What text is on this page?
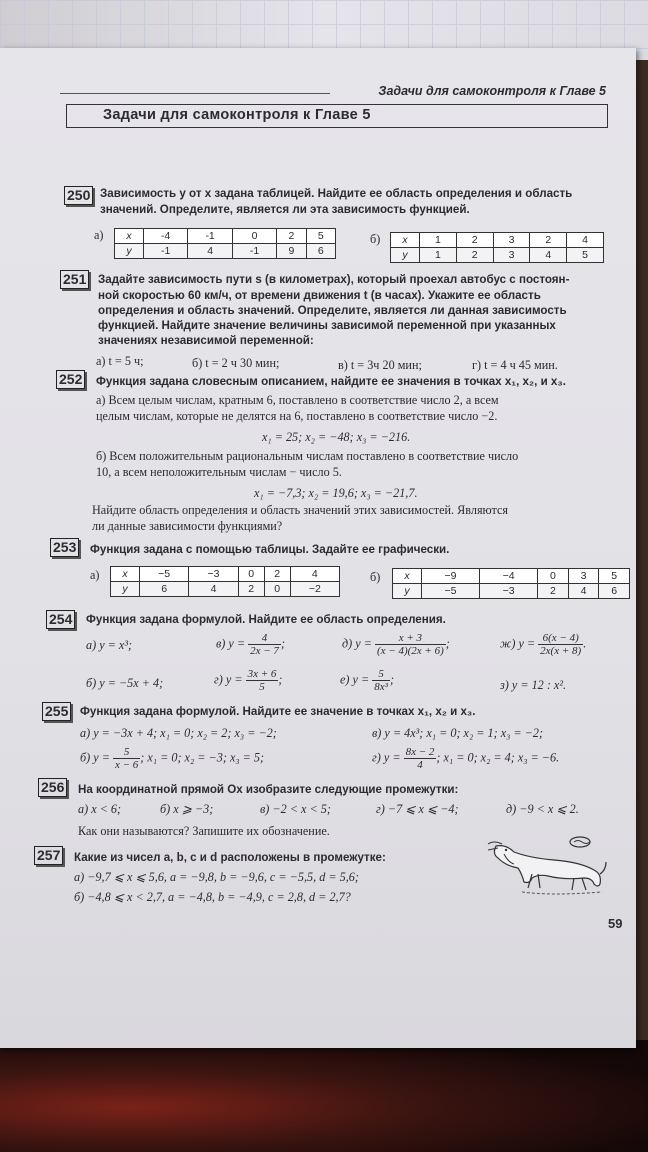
Задачи для самоконтроля к Главе 5
Задачи для самоконтроля к Главе 5
250 Зависимость y от x задана таблицей. Найдите ее область определения и область
значений. Определите, является ли эта зависимость функцией.
а) x	-4	-1	0	2	5
y	-1	4	-1	9	6
б) x	1	2	3	2	4
y	1	2	3	4	5
251 Задайте зависимость пути s (в километрах), который проехал автобус с постоян-
ной скоростью 60 км/ч, от времени движения t (в часах). Укажите ее область
определения и область значений. Определите, является ли данная зависимость
функцией. Найдите значение величины зависимой переменной при указанных
значениях независимой переменной:
а) t = 5 ч;	б) t = 2 ч 30 мин;	в) t = 3ч 20 мин;	г) t = 4 ч 45 мин.
252 Функция задана словесным описанием, найдите ее значения в точках x₁, x₂, и x₃.
а) Всем целым числам, кратным 6, поставлено в соответствие число 2, а всем
целым числам, которые не делятся на 6, поставлено в соответствие число −2.
x₁ = 25; x₂ = −48; x₃ = −216.
б) Всем положительным рациональным числам поставлено в соответствие число
10, а всем неположительным числам − число 5.
x₁ = −7,3; x₂ = 19,6; x₃ = −21,7.
Найдите область определения и область значений этих зависимостей. Являются
ли данные зависимости функциями?
253 Функция задана с помощью таблицы. Задайте ее графически.
а) x	−5	−3	0	2	4
y	6	4	2	0	−2
б) x	−9	−4	0	3	5
y	−5	−3	2	4	6
254 Функция задана формулой. Найдите ее область определения.
а) y = x³;	в) $y = \frac{4}{2x - 7}$ ;	д) $y = \frac{x + 3}{(x - 4)(2x + 6)}$ ;	ж) $y = \frac{6(x - 4)}{2x(x + 8)}$ .
б) y = −5x + 4;	г) $y = \frac{3x + 6}{5}$ ;	е) $y = \frac{5}{\text{8x³}}$ ;	з) y = 12 : x².
255 Функция задана формулой. Найдите ее значение в точках x₁, x₂ и x₃.
а) y = −3x + 4; x₁ = 0; x₂ = 2; x₃ = −2;	в) y = 4x³; x₁ = 0; x₂ = 1; x₃ = −2;
б) $y = \frac{5}{x - 6}$ ; x₁ = 0; x₂ = −3; x₃ = 5;	г) $y = \frac{8x - 2}{4}$ ; x₁ = 0; x₂ = 4; x₃ = −6.
256 На координатной прямой Ox изобразите следующие промежутки:
а) x < 6;	б) x ⩾ −3;	в) −2 < x < 5;	г) −7 ⩽ x ⩽ −4;	д) −9 < x ⩽ 2.
Как они называются? Запишите их обозначение.
257 Какие из чисел a, b, c и d расположены в промежутке:
а) −9,7 ⩽ x ⩽ 5,6, a = −9,8, b = −9,6, c = −5,5, d = 5,6;
б) −4,8 ⩽ x < 2,7, a = −4,8, b = −4,9, c = 2,8, d = 2,7?
59
